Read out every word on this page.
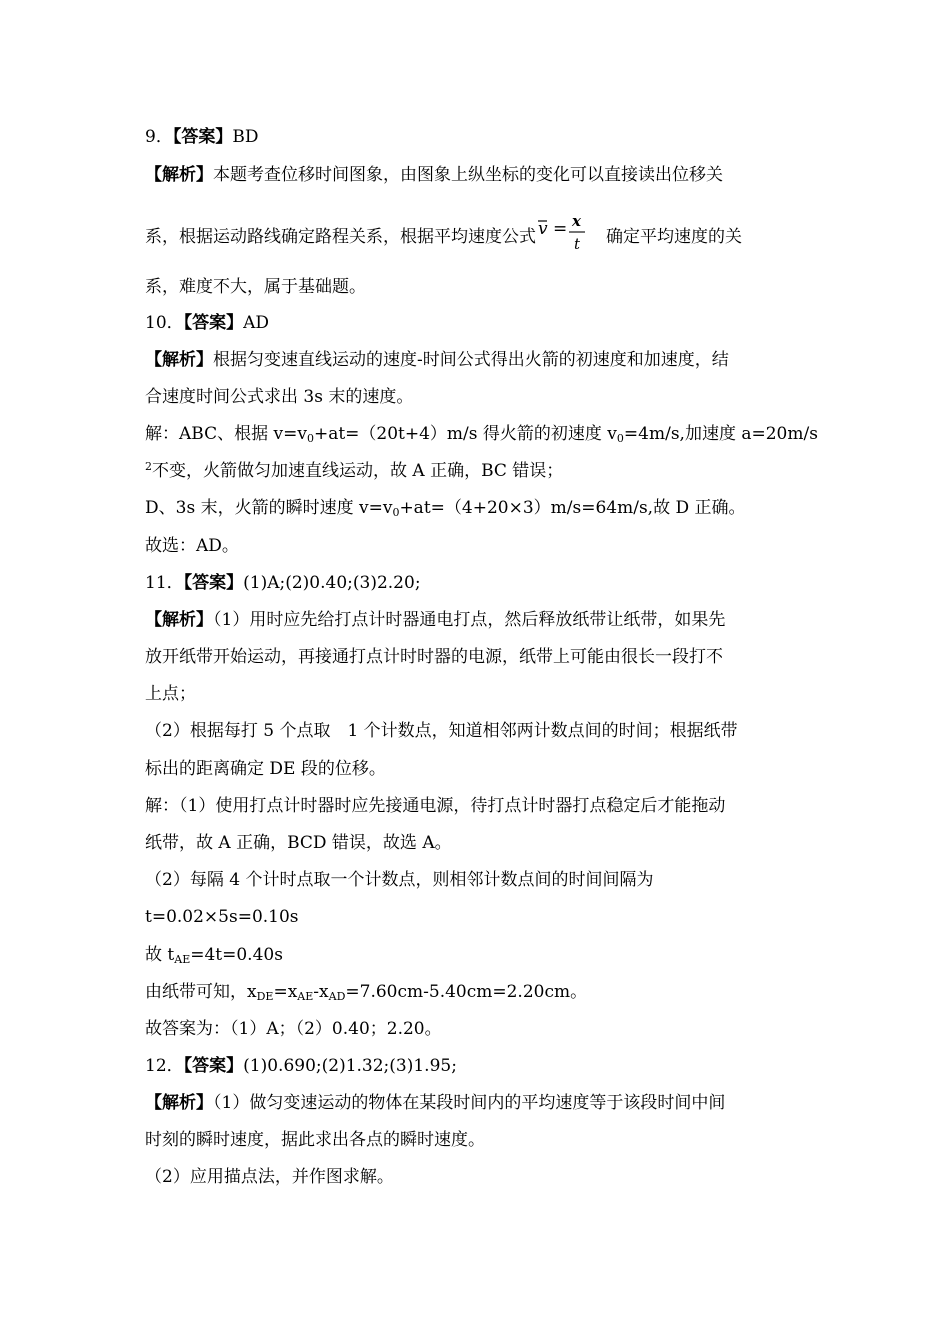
9．【答案】BD
【解析】本题考查位移时间图象，由图象上纵坐标的变化可以直接读出位移关
系，根据运动路线确定路程关系，根据平均速度公式 v = x
t 确定平均速度的关
系，难度不大，属于基础题。
10．【答案】AD
【解析】根据匀变速直线运动的速度-时间公式得出火箭的初速度和加速度，结
合速度时间公式求出 3s 末的速度。
解：ABC、根据 $v=v_0+at=(20t+4)m/s$ 得火箭的初速度 $v_0=4m/s$,加速度 a=20m/s
$^2$不变，火箭做匀加速直线运动，故 A 正确，BC 错误；
D、3s 末，火箭的瞬时速度 $v=v_0+at=(4+20\times 3)m/s=64m/s$,故 D 正确。
故选：AD。
11．【答案】(1)A;(2)0.40;(3)2.20;
【解析】（1）用时应先给打点计时器通电打点，然后释放纸带让纸带，如果先
放开纸带开始运动，再接通打点计时时器的电源，纸带上可能由很长一段打不
上点；
（2）根据每打 5 个点取　1 个计数点，知道相邻两计数点间的时间；根据纸带
标出的距离确定 DE 段的位移。
解：（1）使用打点计时器时应先接通电源，待打点计时器打点稳定后才能拖动
纸带，故 A 正确，BCD 错误，故选 A。
（2）每隔 4 个计时点取一个计数点，则相邻计数点间的时间间隔为
t=0.02×5s=0.10s
故 $t_{AE}=4t=0.40s$
由纸带可知，$x_{DE}=x_{AE}-x_{AD}=7.60cm-5.40cm=2.20cm$。
故答案为：（1）A；（2）0.40；2.20。
12．【答案】(1)0.690;(2)1.32;(3)1.95;
【解析】（1）做匀变速运动的物体在某段时间内的平均速度等于该段时间中间
时刻的瞬时速度，据此求出各点的瞬时速度。
（2）应用描点法，并作图求解。
